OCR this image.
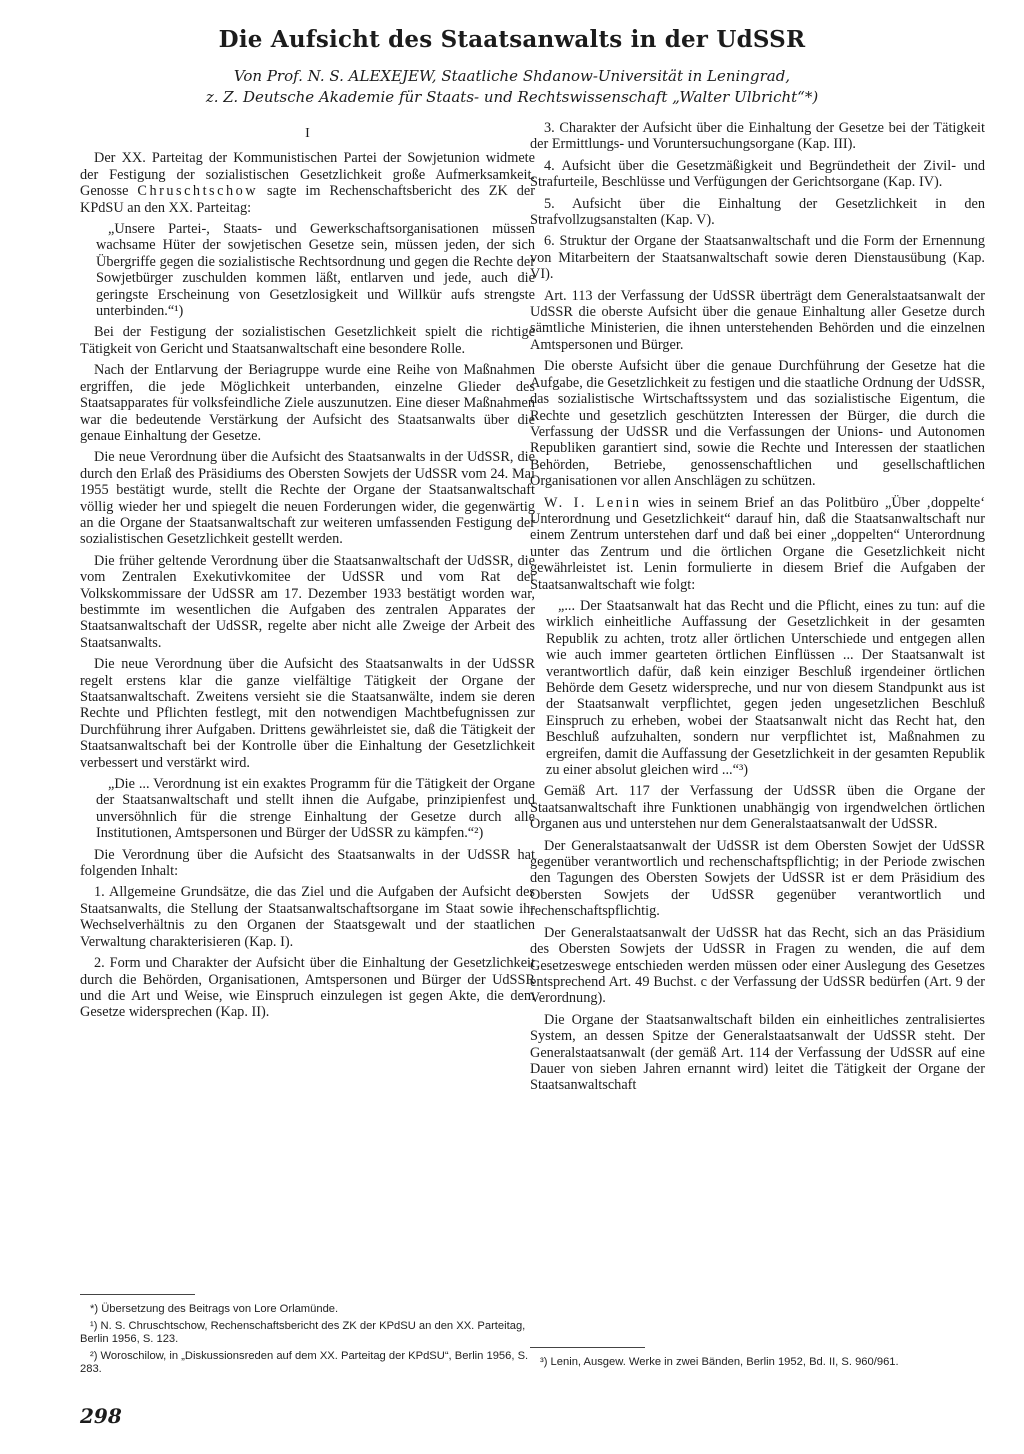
Die Aufsicht des Staatsanwalts in der UdSSR
Von Prof. N. S. ALEXEJEW, Staatliche Shdanow-Universität in Leningrad,
z. Z. Deutsche Akademie für Staats- und Rechtswissenschaft „Walter Ulbricht“*)
I

Der XX. Parteitag der Kommunistischen Partei der Sowjetunion widmete der Festigung der sozialistischen Gesetzlichkeit große Aufmerksamkeit. Genosse Chruschtschow sagte im Rechenschaftsbericht des ZK der KPdSU an den XX. Parteitag:

„Unsere Partei-, Staats- und Gewerkschaftsorganisationen müssen wachsame Hüter der sowjetischen Gesetze sein, müssen jeden, der sich Übergriffe gegen die sozialistische Rechtsordnung und gegen die Rechte der Sowjetbürger zuschulden kommen läßt, entlarven und jede, auch die geringste Erscheinung von Gesetzlosigkeit und Willkür aufs strengste unterbinden.“¹)

Bei der Festigung der sozialistischen Gesetzlichkeit spielt die richtige Tätigkeit von Gericht und Staatsanwaltschaft eine besondere Rolle.

Nach der Entlarvung der Beriagruppe wurde eine Reihe von Maßnahmen ergriffen, die jede Möglichkeit unterbanden, einzelne Glieder des Staatsapparates für volksfeindliche Ziele auszunutzen. Eine dieser Maßnahmen war die bedeutende Verstärkung der Aufsicht des Staatsanwalts über die genaue Einhaltung der Gesetze.

Die neue Verordnung über die Aufsicht des Staatsanwalts in der UdSSR, die durch den Erlaß des Präsidiums des Obersten Sowjets der UdSSR vom 24. Mai 1955 bestätigt wurde, stellt die Rechte der Organe der Staatsanwaltschaft völlig wieder her und spiegelt die neuen Forderungen wider, die gegenwärtig an die Organe der Staatsanwaltschaft zur weiteren umfassenden Festigung der sozialistischen Gesetzlichkeit gestellt werden.

Die früher geltende Verordnung über die Staatsanwaltschaft der UdSSR, die vom Zentralen Exekutivkomitee der UdSSR und vom Rat der Volkskommissare der UdSSR am 17. Dezember 1933 bestätigt worden war, bestimmte im wesentlichen die Aufgaben des zentralen Apparates der Staatsanwaltschaft der UdSSR, regelte aber nicht alle Zweige der Arbeit des Staatsanwalts.

Die neue Verordnung über die Aufsicht des Staatsanwalts in der UdSSR regelt erstens klar die ganze vielfältige Tätigkeit der Organe der Staatsanwaltschaft. Zweitens versieht sie die Staatsanwälte, indem sie deren Rechte und Pflichten festlegt, mit den notwendigen Machtbefugnissen zur Durchführung ihrer Aufgaben. Drittens gewährleistet sie, daß die Tätigkeit der Staatsanwaltschaft bei der Kontrolle über die Einhaltung der Gesetzlichkeit verbessert und verstärkt wird.

„Die ... Verordnung ist ein exaktes Programm für die Tätigkeit der Organe der Staatsanwaltschaft und stellt ihnen die Aufgabe, prinzipienfest und unversöhnlich für die strenge Einhaltung der Gesetze durch alle Institutionen, Amtspersonen und Bürger der UdSSR zu kämpfen.“²)

Die Verordnung über die Aufsicht des Staatsanwalts in der UdSSR hat folgenden Inhalt:

1. Allgemeine Grundsätze, die das Ziel und die Aufgaben der Aufsicht des Staatsanwalts, die Stellung der Staatsanwaltschaftsorgane im Staat sowie ihr Wechselverhältnis zu den Organen der Staatsgewalt und der staatlichen Verwaltung charakterisieren (Kap. I).

2. Form und Charakter der Aufsicht über die Einhaltung der Gesetzlichkeit durch die Behörden, Organisationen, Amtspersonen und Bürger der UdSSR und die Art und Weise, wie Einspruch einzulegen ist gegen Akte, die dem Gesetze widersprechen (Kap. II).

3. Charakter der Aufsicht über die Einhaltung der Gesetze bei der Tätigkeit der Ermittlungs- und Voruntersuchungsorgane (Kap. III).

4. Aufsicht über die Gesetzmäßigkeit und Begründetheit der Zivil- und Strafurteile, Beschlüsse und Verfügungen der Gerichtsorgane (Kap. IV).

5. Aufsicht über die Einhaltung der Gesetzlichkeit in den Strafvollzugsanstalten (Kap. V).

6. Struktur der Organe der Staatsanwaltschaft und die Form der Ernennung von Mitarbeitern der Staatsanwaltschaft sowie deren Dienstausübung (Kap. VI).

Art. 113 der Verfassung der UdSSR überträgt dem Generalstaatsanwalt der UdSSR die oberste Aufsicht über die genaue Einhaltung aller Gesetze durch sämtliche Ministerien, die ihnen unterstehenden Behörden und die einzelnen Amtspersonen und Bürger.

Die oberste Aufsicht über die genaue Durchführung der Gesetze hat die Aufgabe, die Gesetzlichkeit zu festigen und die staatliche Ordnung der UdSSR, das sozialistische Wirtschaftssystem und das sozialistische Eigentum, die Rechte und gesetzlich geschützten Interessen der Bürger, die durch die Verfassung der UdSSR und die Verfassungen der Unions- und Autonomen Republiken garantiert sind, sowie die Rechte und Interessen der staatlichen Behörden, Betriebe, genossenschaftlichen und gesellschaftlichen Organisationen vor allen Anschlägen zu schützen.

W. I. Lenin wies in seinem Brief an das Politbüro „Über ‚doppelte‘ Unterordnung und Gesetzlichkeit“ darauf hin, daß die Staatsanwaltschaft nur einem Zentrum unterstehen darf und daß bei einer „doppelten“ Unterordnung unter das Zentrum und die örtlichen Organe die Gesetzlichkeit nicht gewährleistet ist. Lenin formulierte in diesem Brief die Aufgaben der Staatsanwaltschaft wie folgt:

„... Der Staatsanwalt hat das Recht und die Pflicht, eines zu tun: auf die wirklich einheitliche Auffassung der Gesetzlichkeit in der gesamten Republik zu achten, trotz aller örtlichen Unterschiede und entgegen allen wie auch immer gearteten örtlichen Einflüssen ... Der Staatsanwalt ist verantwortlich dafür, daß kein einziger Beschluß irgendeiner örtlichen Behörde dem Gesetz widerspreche, und nur von diesem Standpunkt aus ist der Staatsanwalt verpflichtet, gegen jeden ungesetzlichen Beschluß Einspruch zu erheben, wobei der Staatsanwalt nicht das Recht hat, den Beschluß aufzuhalten, sondern nur verpflichtet ist, Maßnahmen zu ergreifen, damit die Auffassung der Gesetzlichkeit in der gesamten Republik zu einer absolut gleichen wird ...“³)

Gemäß Art. 117 der Verfassung der UdSSR üben die Organe der Staatsanwaltschaft ihre Funktionen unabhängig von irgendwelchen örtlichen Organen aus und unterstehen nur dem Generalstaatsanwalt der UdSSR.

Der Generalstaatsanwalt der UdSSR ist dem Obersten Sowjet der UdSSR gegenüber verantwortlich und rechenschaftspflichtig; in der Periode zwischen den Tagungen des Obersten Sowjets der UdSSR ist er dem Präsidium des Obersten Sowjets der UdSSR gegenüber verantwortlich und rechenschaftspflichtig.

Der Generalstaatsanwalt der UdSSR hat das Recht, sich an das Präsidium des Obersten Sowjets der UdSSR in Fragen zu wenden, die auf dem Gesetzeswege entschieden werden müssen oder einer Auslegung des Gesetzes entsprechend Art. 49 Buchst. c der Verfassung der UdSSR bedürfen (Art. 9 der Verordnung).

Die Organe der Staatsanwaltschaft bilden ein einheitliches zentralisiertes System, an dessen Spitze der Generalstaatsanwalt der UdSSR steht. Der Generalstaatsanwalt (der gemäß Art. 114 der Verfassung der UdSSR auf eine Dauer von sieben Jahren ernannt wird) leitet die Tätigkeit der Organe der Staatsanwaltschaft

*) Übersetzung des Beitrags von Lore Orlamünde.
¹) N. S. Chruschtschow, Rechenschaftsbericht des ZK der KPdSU an den XX. Parteitag, Berlin 1956, S. 123.
²) Woroschilow, in „Diskussionsreden auf dem XX. Parteitag der KPdSU“, Berlin 1956, S. 283.
³) Lenin, Ausgew. Werke in zwei Bänden, Berlin 1952, Bd. II, S. 960/961.
298
